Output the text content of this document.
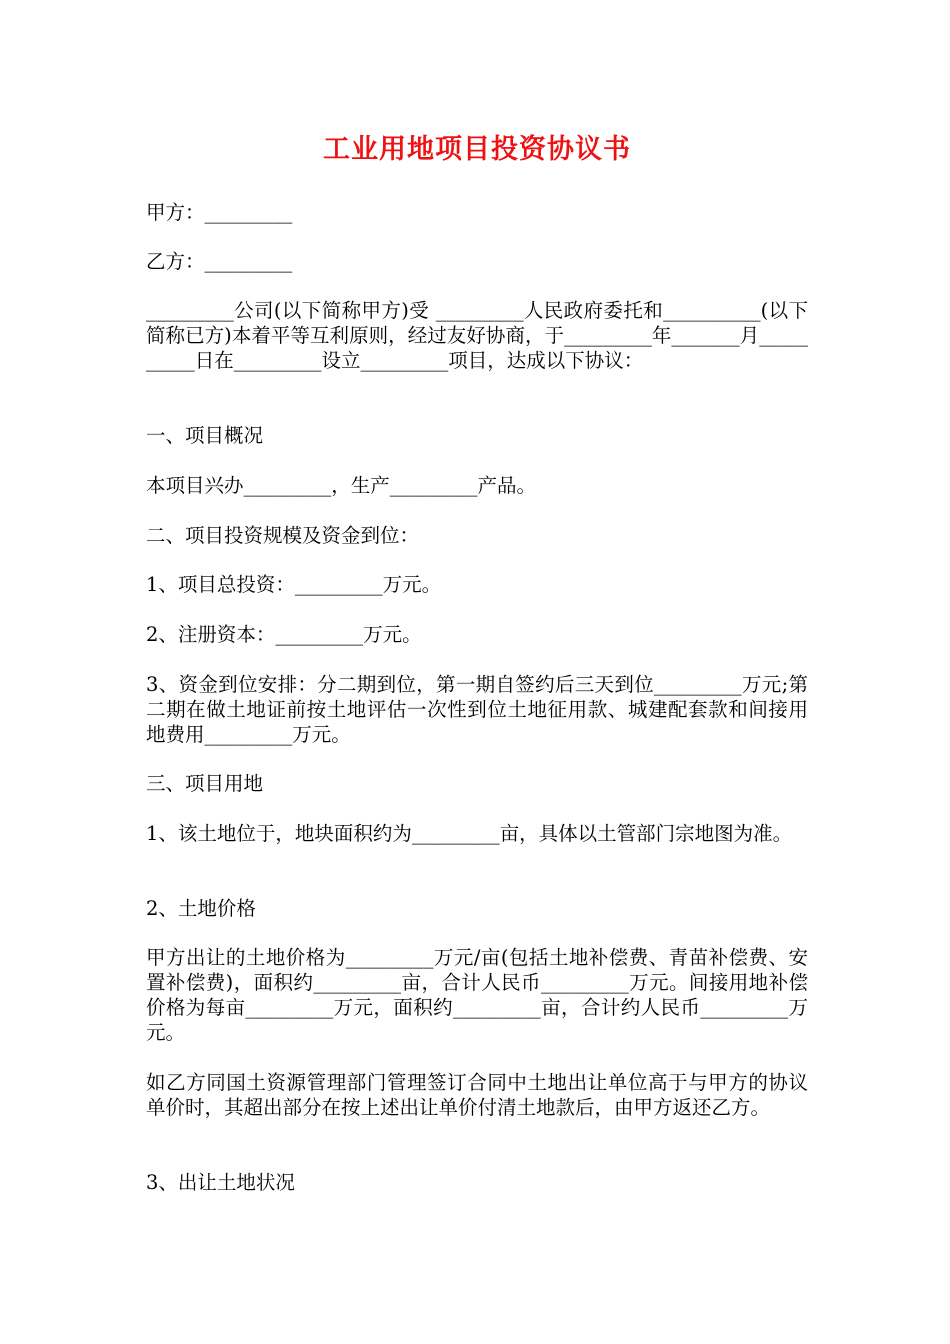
工业用地项目投资协议书

甲方：_________

乙方：_________

_________公司(以下简称甲方)受 _________人民政府委托和__________(以下简称已方)本着平等互利原则，经过友好协商，于_________年_______月__________日在_________设立_________项目，达成以下协议：

一、项目概况

本项目兴办_________，生产_________产品。

二、项目投资规模及资金到位：

1、项目总投资：_________万元。

2、注册资本：_________万元。

3、资金到位安排：分二期到位，第一期自签约后三天到位_________万元;第二期在做土地证前按土地评估一次性到位土地征用款、城建配套款和间接用地费用_________万元。

三、项目用地

1、该土地位于，地块面积约为_________亩，具体以土管部门宗地图为准。

2、土地价格

甲方出让的土地价格为_________万元/亩(包括土地补偿费、青苗补偿费、安置补偿费)，面积约_________亩，合计人民币_________万元。间接用地补偿价格为每亩_________万元，面积约_________亩，合计约人民币_________万元。

如乙方同国土资源管理部门管理签订合同中土地出让单位高于与甲方的协议单价时，其超出部分在按上述出让单价付清土地款后，由甲方返还乙方。

3、出让土地状况
